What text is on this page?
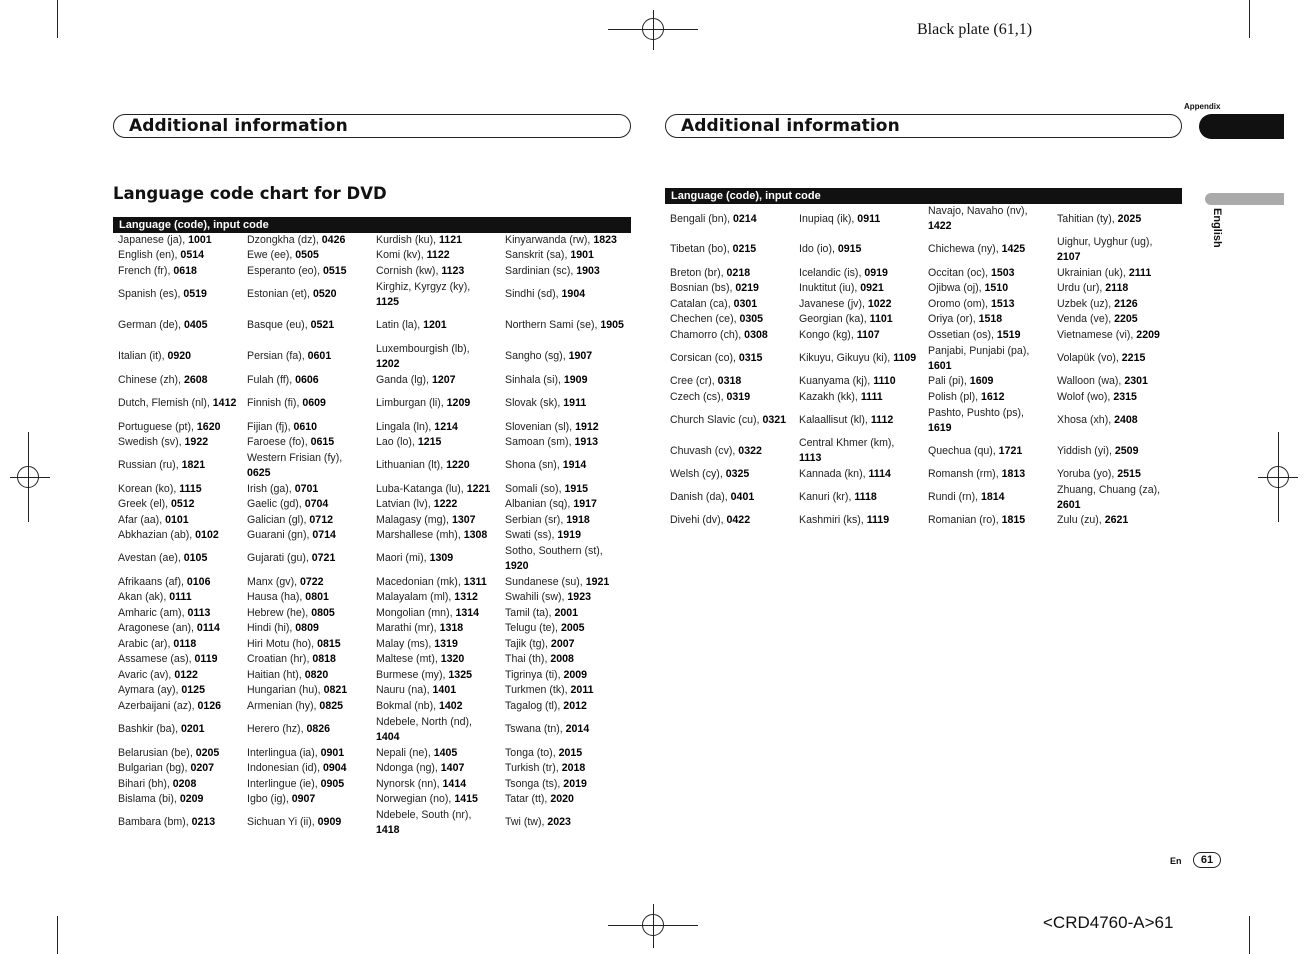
Black plate (61,1)
<CRD4760-A>61
Additional information	Additional information
Appendix
English
Language code chart for DVD
Language (code), input code
Japanese (ja), 1001	Dzongkha (dz), 0426	Kurdish (ku), 1121	Kinyarwanda (rw), 1823
English (en), 0514	Ewe (ee), 0505	Komi (kv), 1122	Sanskrit (sa), 1901
French (fr), 0618	Esperanto (eo), 0515	Cornish (kw), 1123	Sardinian (sc), 1903
Spanish (es), 0519	Estonian (et), 0520	Kirghiz, Kyrgyz (ky), 1125	Sindhi (sd), 1904
German (de), 0405	Basque (eu), 0521	Latin (la), 1201	Northern Sami (se), 1905
Italian (it), 0920	Persian (fa), 0601	Luxembourgish (lb), 1202	Sangho (sg), 1907
Chinese (zh), 2608	Fulah (ff), 0606	Ganda (lg), 1207	Sinhala (si), 1909
Dutch, Flemish (nl), 1412	Finnish (fi), 0609	Limburgan (li), 1209	Slovak (sk), 1911
Portuguese (pt), 1620	Fijian (fj), 0610	Lingala (ln), 1214	Slovenian (sl), 1912
Swedish (sv), 1922	Faroese (fo), 0615	Lao (lo), 1215	Samoan (sm), 1913
Russian (ru), 1821	Western Frisian (fy), 0625	Lithuanian (lt), 1220	Shona (sn), 1914
Korean (ko), 1115	Irish (ga), 0701	Luba-Katanga (lu), 1221	Somali (so), 1915
Greek (el), 0512	Gaelic (gd), 0704	Latvian (lv), 1222	Albanian (sq), 1917
Afar (aa), 0101	Galician (gl), 0712	Malagasy (mg), 1307	Serbian (sr), 1918
Abkhazian (ab), 0102	Guarani (gn), 0714	Marshallese (mh), 1308	Swati (ss), 1919
Avestan (ae), 0105	Gujarati (gu), 0721	Maori (mi), 1309	Sotho, Southern (st), 1920
Afrikaans (af), 0106	Manx (gv), 0722	Macedonian (mk), 1311	Sundanese (su), 1921
Akan (ak), 0111	Hausa (ha), 0801	Malayalam (ml), 1312	Swahili (sw), 1923
Amharic (am), 0113	Hebrew (he), 0805	Mongolian (mn), 1314	Tamil (ta), 2001
Aragonese (an), 0114	Hindi (hi), 0809	Marathi (mr), 1318	Telugu (te), 2005
Arabic (ar), 0118	Hiri Motu (ho), 0815	Malay (ms), 1319	Tajik (tg), 2007
Assamese (as), 0119	Croatian (hr), 0818	Maltese (mt), 1320	Thai (th), 2008
Avaric (av), 0122	Haitian (ht), 0820	Burmese (my), 1325	Tigrinya (ti), 2009
Aymara (ay), 0125	Hungarian (hu), 0821	Nauru (na), 1401	Turkmen (tk), 2011
Azerbaijani (az), 0126	Armenian (hy), 0825	Bokmal (nb), 1402	Tagalog (tl), 2012
Bashkir (ba), 0201	Herero (hz), 0826	Ndebele, North (nd), 1404	Tswana (tn), 2014
Belarusian (be), 0205	Interlingua (ia), 0901	Nepali (ne), 1405	Tonga (to), 2015
Bulgarian (bg), 0207	Indonesian (id), 0904	Ndonga (ng), 1407	Turkish (tr), 2018
Bihari (bh), 0208	Interlingue (ie), 0905	Nynorsk (nn), 1414	Tsonga (ts), 2019
Bislama (bi), 0209	Igbo (ig), 0907	Norwegian (no), 1415	Tatar (tt), 2020
Bambara (bm), 0213	Sichuan Yi (ii), 0909	Ndebele, South (nr), 1418	Twi (tw), 2023
Language (code), input code
Bengali (bn), 0214	Inupiaq (ik), 0911	Navajo, Navaho (nv), 1422	Tahitian (ty), 2025
Tibetan (bo), 0215	Ido (io), 0915	Chichewa (ny), 1425	Uighur, Uyghur (ug), 2107
Breton (br), 0218	Icelandic (is), 0919	Occitan (oc), 1503	Ukrainian (uk), 2111
Bosnian (bs), 0219	Inuktitut (iu), 0921	Ojibwa (oj), 1510	Urdu (ur), 2118
Catalan (ca), 0301	Javanese (jv), 1022	Oromo (om), 1513	Uzbek (uz), 2126
Chechen (ce), 0305	Georgian (ka), 1101	Oriya (or), 1518	Venda (ve), 2205
Chamorro (ch), 0308	Kongo (kg), 1107	Ossetian (os), 1519	Vietnamese (vi), 2209
Corsican (co), 0315	Kikuyu, Gikuyu (ki), 1109	Panjabi, Punjabi (pa), 1601	Volapük (vo), 2215
Cree (cr), 0318	Kuanyama (kj), 1110	Pali (pi), 1609	Walloon (wa), 2301
Czech (cs), 0319	Kazakh (kk), 1111	Polish (pl), 1612	Wolof (wo), 2315
Church Slavic (cu), 0321	Kalaallisut (kl), 1112	Pashto, Pushto (ps), 1619	Xhosa (xh), 2408
Chuvash (cv), 0322	Central Khmer (km), 1113	Quechua (qu), 1721	Yiddish (yi), 2509
Welsh (cy), 0325	Kannada (kn), 1114	Romansh (rm), 1813	Yoruba (yo), 2515
Danish (da), 0401	Kanuri (kr), 1118	Rundi (rn), 1814	Zhuang, Chuang (za), 2601
Divehi (dv), 0422	Kashmiri (ks), 1119	Romanian (ro), 1815	Zulu (zu), 2621
En	61
